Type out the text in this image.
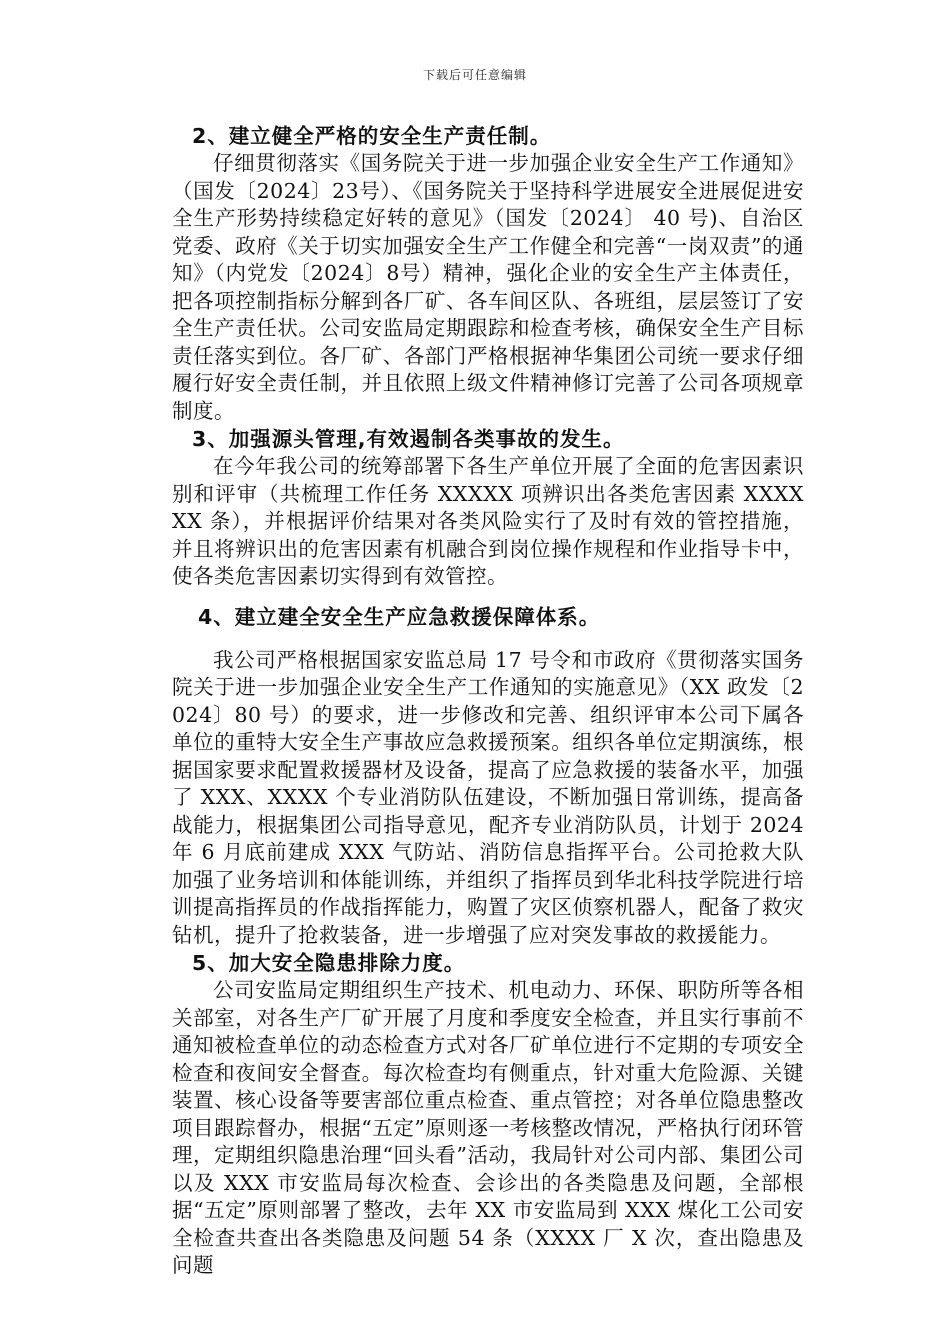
下载后可任意编辑
2、建立健全严格的安全生产责任制。

仔细贯彻落实《国务院关于进一步加强企业安全生产工作通知》（国发〔2024〕23号）、《国务院关于坚持科学进展安全进展促进安全生产形势持续稳定好转的意见》（国发〔2024〕 40 号)、自治区党委、政府《关于切实加强安全生产工作健全和完善“一岗双责”的通知》（内党发〔2024〕8号）精神，强化企业的安全生产主体责任，把各项控制指标分解到各厂矿、各车间区队、各班组，层层签订了安全生产责任状。公司安监局定期跟踪和检查考核，确保安全生产目标责任落实到位。各厂矿、各部门严格根据神华集团公司统一要求仔细履行好安全责任制，并且依照上级文件精神修订完善了公司各项规章制度。

3、加强源头管理,有效遏制各类事故的发生。

在今年我公司的统筹部署下各生产单位开展了全面的危害因素识别和评审（共梳理工作任务 XXXXX 项辨识出各类危害因素 XXXXXX 条），并根据评价结果对各类风险实行了及时有效的管控措施，并且将辨识出的危害因素有机融合到岗位操作规程和作业指导卡中，使各类危害因素切实得到有效管控。

4、建立建全安全生产应急救援保障体系。

我公司严格根据国家安监总局 17 号令和市政府《贯彻落实国务院关于进一步加强企业安全生产工作通知的实施意见》（XX 政发〔2024〕80 号）的要求，进一步修改和完善、组织评审本公司下属各单位的重特大安全生产事故应急救援预案。组织各单位定期演练，根据国家要求配置救援器材及设备，提高了应急救援的装备水平，加强了 XXX、XXXX 个专业消防队伍建设，不断加强日常训练，提高备战能力，根据集团公司指导意见，配齐专业消防队员，计划于 2024 年 6 月底前建成 XXX 气防站、消防信息指挥平台。公司抢救大队加强了业务培训和体能训练，并组织了指挥员到华北科技学院进行培训提高指挥员的作战指挥能力，购置了灾区侦察机器人，配备了救灾钻机，提升了抢救装备，进一步增强了应对突发事故的救援能力。

5、加大安全隐患排除力度。

公司安监局定期组织生产技术、机电动力、环保、职防所等各相关部室，对各生产厂矿开展了月度和季度安全检查，并且实行事前不通知被检查单位的动态检查方式对各厂矿单位进行不定期的专项安全检查和夜间安全督查。每次检查均有侧重点，针对重大危险源、关键装置、核心设备等要害部位重点检查、重点管控；对各单位隐患整改项目跟踪督办，根据“五定”原则逐一考核整改情况，严格执行闭环管理，定期组织隐患治理“回头看”活动，我局针对公司内部、集团公司以及 XXX 市安监局每次检查、会诊出的各类隐患及问题，全部根据“五定”原则部署了整改，去年 XX 市安监局到 XXX 煤化工公司安全检查共查出各类隐患及问题 54 条（XXXX 厂 X 次，查出隐患及问题
